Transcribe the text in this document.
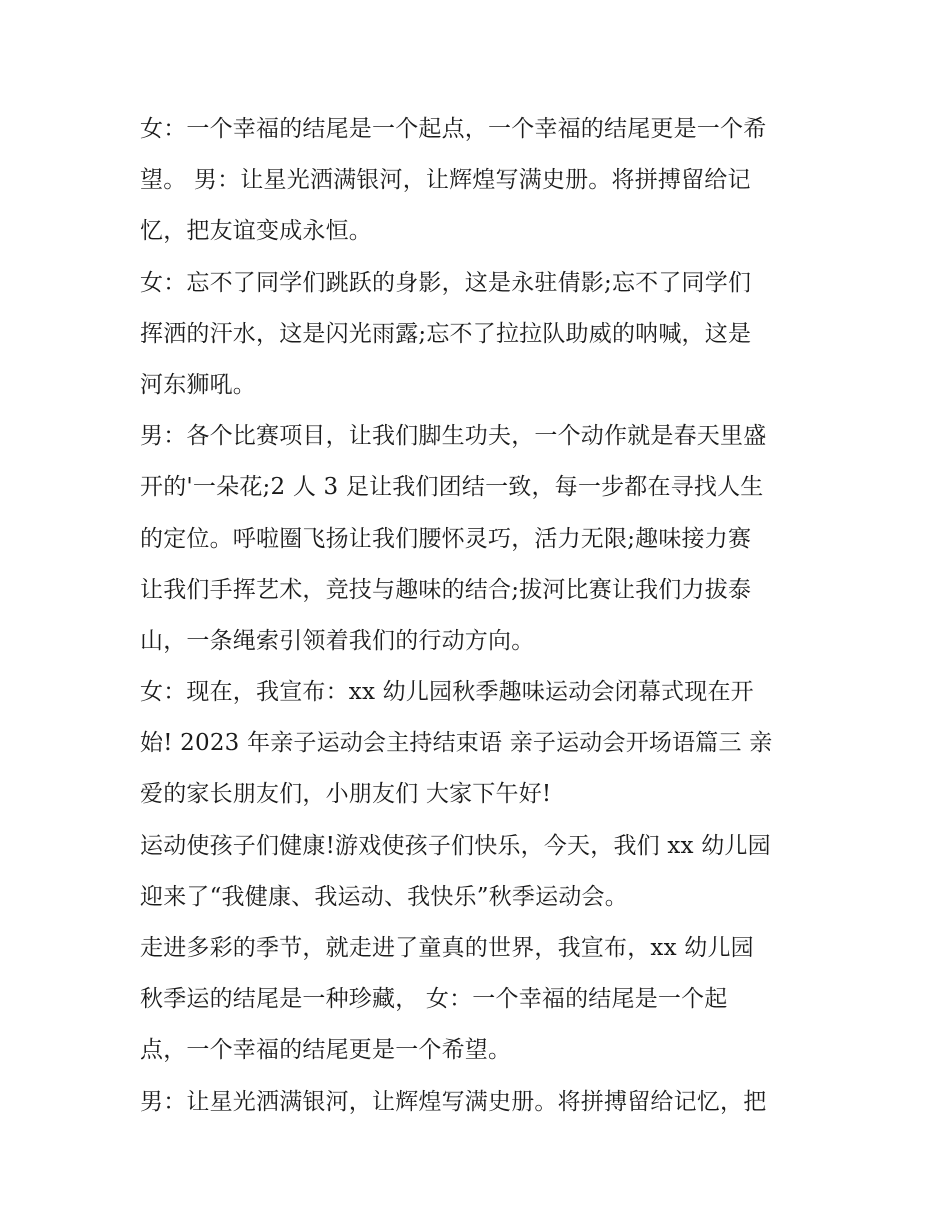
女：一个幸福的结尾是一个起点，一个幸福的结尾更是一个希
望。 男：让星光洒满银河，让辉煌写满史册。将拼搏留给记
忆，把友谊变成永恒。
女：忘不了同学们跳跃的身影，这是永驻倩影;忘不了同学们
挥洒的汗水，这是闪光雨露;忘不了拉拉队助威的呐喊，这是
河东狮吼。
男：各个比赛项目，让我们脚生功夫，一个动作就是春天里盛
开的'一朵花;2 人 3 足让我们团结一致，每一步都在寻找人生
的定位。呼啦圈飞扬让我们腰怀灵巧，活力无限;趣味接力赛
让我们手挥艺术，竞技与趣味的结合;拔河比赛让我们力拔泰
山，一条绳索引领着我们的行动方向。
女：现在，我宣布：xx 幼儿园秋季趣味运动会闭幕式现在开
始! 2023 年亲子运动会主持结束语 亲子运动会开场语篇三 亲
爱的家长朋友们，小朋友们 大家下午好!
运动使孩子们健康!游戏使孩子们快乐，今天，我们 xx 幼儿园
迎来了“我健康、我运动、我快乐”秋季运动会。
走进多彩的季节，就走进了童真的世界，我宣布，xx 幼儿园
秋季运的结尾是一种珍藏， 女：一个幸福的结尾是一个起
点，一个幸福的结尾更是一个希望。
男：让星光洒满银河，让辉煌写满史册。将拼搏留给记忆，把
